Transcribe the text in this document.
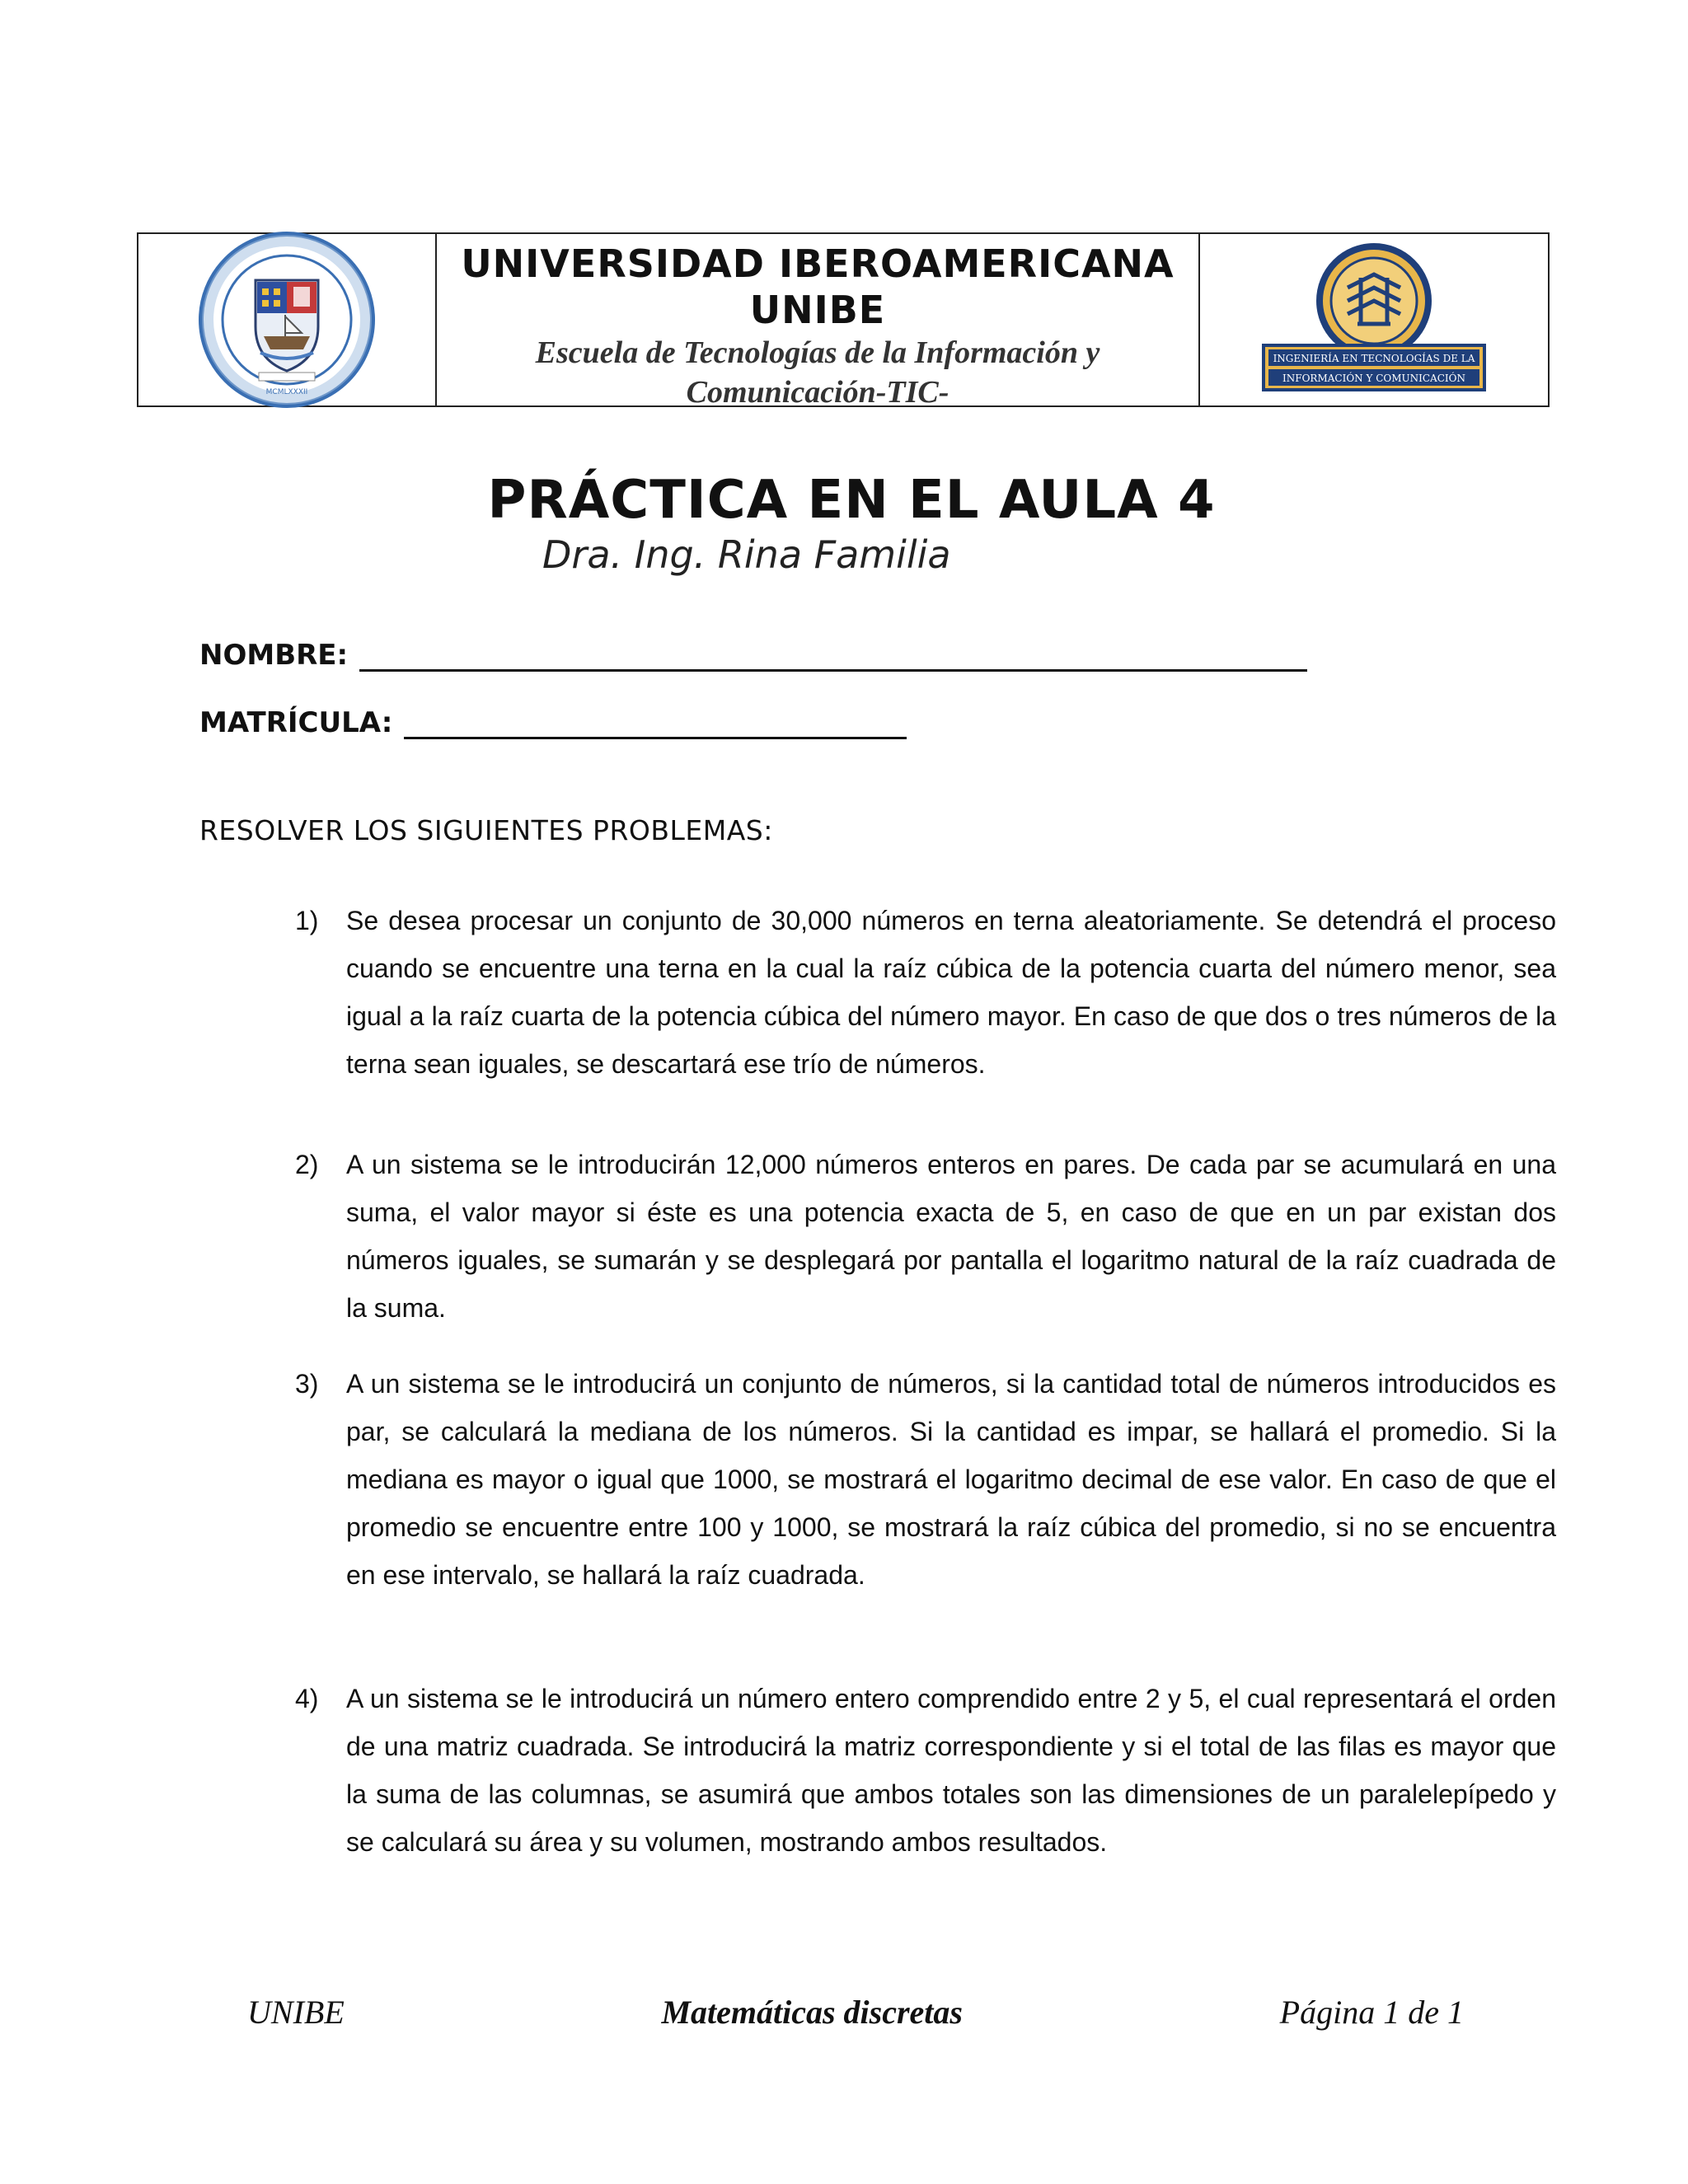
MCMLXXXII
UNIVERSIDAD IBEROAMERICANA
UNIBE
Escuela de Tecnologías de la Información y
Comunicación-TIC-
INGENIERÍA EN TECNOLOGÍAS DE LA
INFORMACIÓN Y COMUNICACIÓN
PRÁCTICA EN EL AULA 4
Dra. Ing. Rina Familia
NOMBRE:
MATRÍCULA:
RESOLVER LOS SIGUIENTES PROBLEMAS:
1)	Se desea procesar un conjunto de 30,000 números en terna aleatoriamente. Se detendrá el proceso cuando se encuentre una terna en la cual la raíz cúbica de la potencia cuarta del número menor, sea igual a la raíz cuarta de la potencia cúbica del número mayor. En caso de que dos o tres números de la terna sean iguales, se descartará ese trío de números.
2)	A un sistema se le introducirán 12,000 números enteros en pares. De cada par se acumulará en una suma, el valor mayor si éste es una potencia exacta de 5, en caso de que en un par existan dos números iguales, se sumarán y se desplegará por pantalla el logaritmo natural de la raíz cuadrada de la suma.
3)	A un sistema se le introducirá un conjunto de números, si la cantidad total de números introducidos es par, se calculará la mediana de los números. Si la cantidad es impar, se hallará el promedio. Si la mediana es mayor o igual que 1000, se mostrará el logaritmo decimal de ese valor. En caso de que el promedio se encuentre entre 100 y 1000, se mostrará la raíz cúbica del promedio, si no se encuentra en ese intervalo, se hallará la raíz cuadrada.
4)	A un sistema se le introducirá un número entero comprendido entre 2 y 5, el cual representará el orden de una matriz cuadrada. Se introducirá la matriz correspondiente y si el total de las filas es mayor que la suma de las columnas, se asumirá que ambos totales son las dimensiones de un paralelepípedo y se calculará su área y su volumen, mostrando ambos resultados.
UNIBE	Matemáticas discretas	Página 1 de 1
